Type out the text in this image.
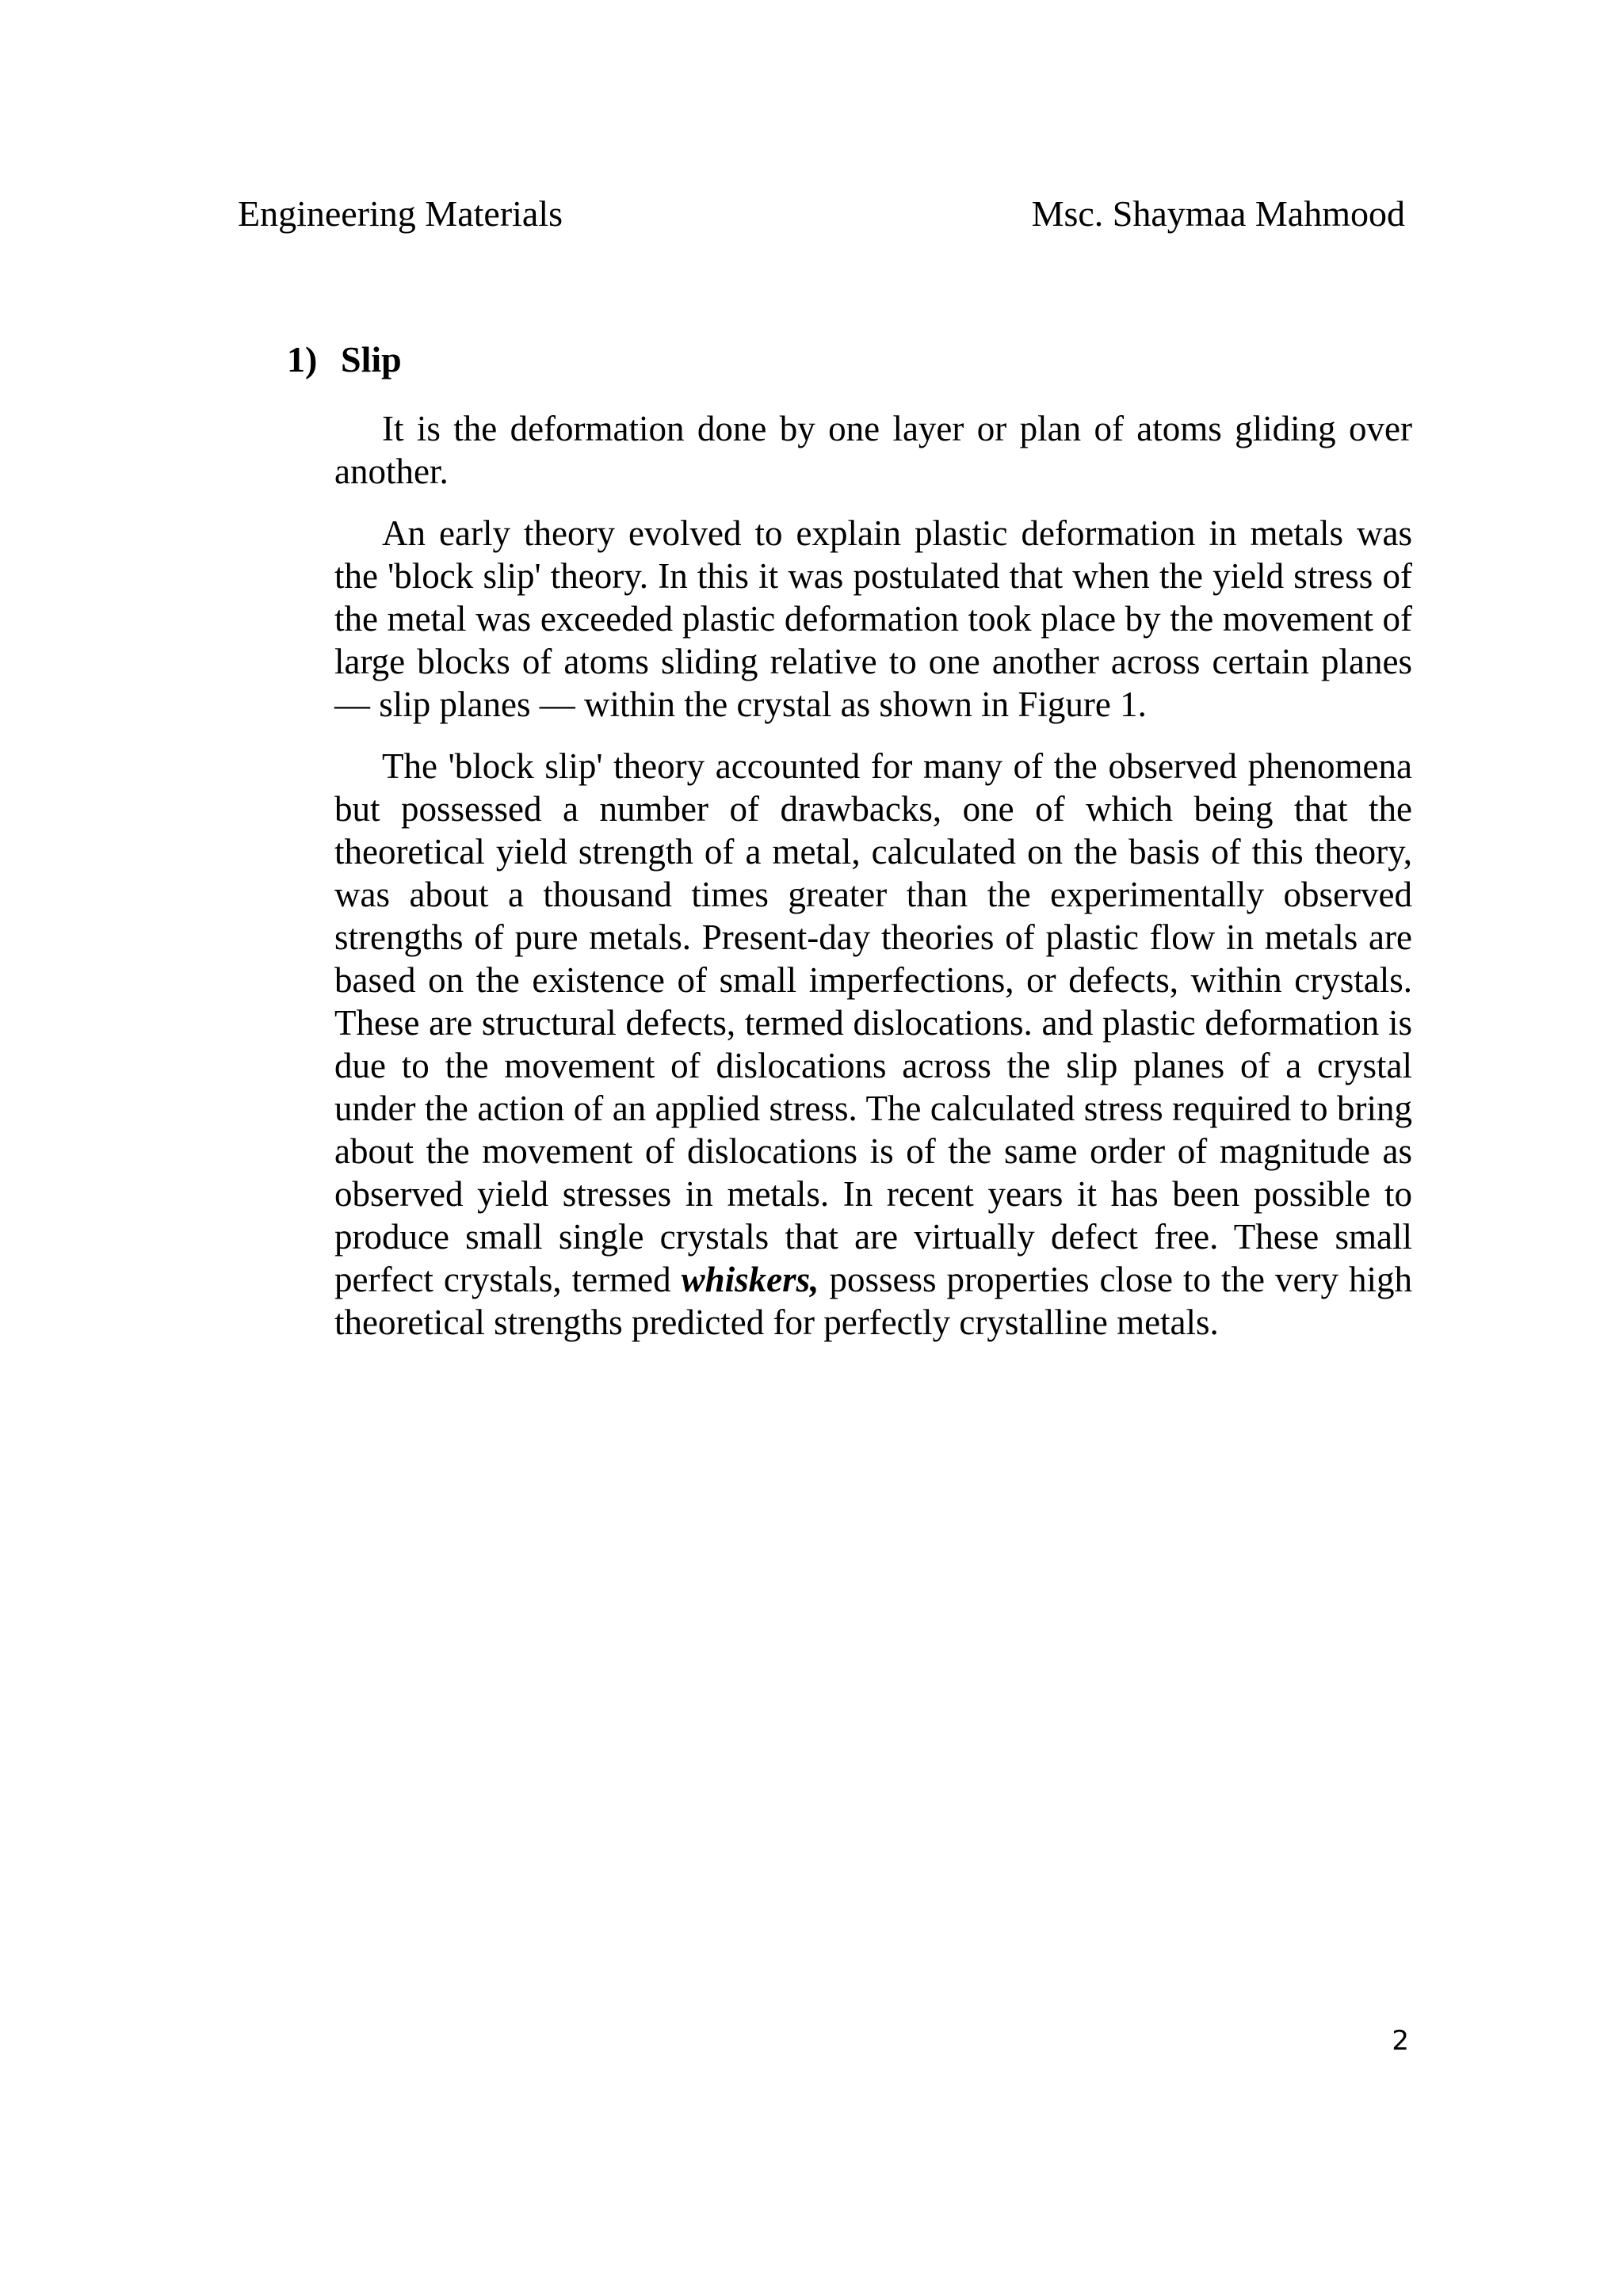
Engineering Materials	Msc. Shaymaa Mahmood
1) Slip

It is the deformation done by one layer or plan of atoms gliding over another.

An early theory evolved to explain plastic deformation in metals was the 'block slip' theory. In this it was postulated that when the yield stress of the metal was exceeded plastic deformation took place by the movement of large blocks of atoms sliding relative to one another across certain planes — slip planes — within the crystal as shown in Figure 1.

The 'block slip' theory accounted for many of the observed phenomena but possessed a number of drawbacks, one of which being that the theoretical yield strength of a metal, calculated on the basis of this theory, was about a thousand times greater than the experimentally observed strengths of pure metals. Present-day theories of plastic flow in metals are based on the existence of small imperfections, or defects, within crystals. These are structural defects, termed dislocations. and plastic deformation is due to the movement of dislocations across the slip planes of a crystal under the action of an applied stress. The calculated stress required to bring about the movement of dislocations is of the same order of magnitude as observed yield stresses in metals. In recent years it has been possible to produce small single crystals that are virtually defect free. These small perfect crystals, termed whiskers, possess properties close to the very high theoretical strengths predicted for perfectly crystalline metals.

2
